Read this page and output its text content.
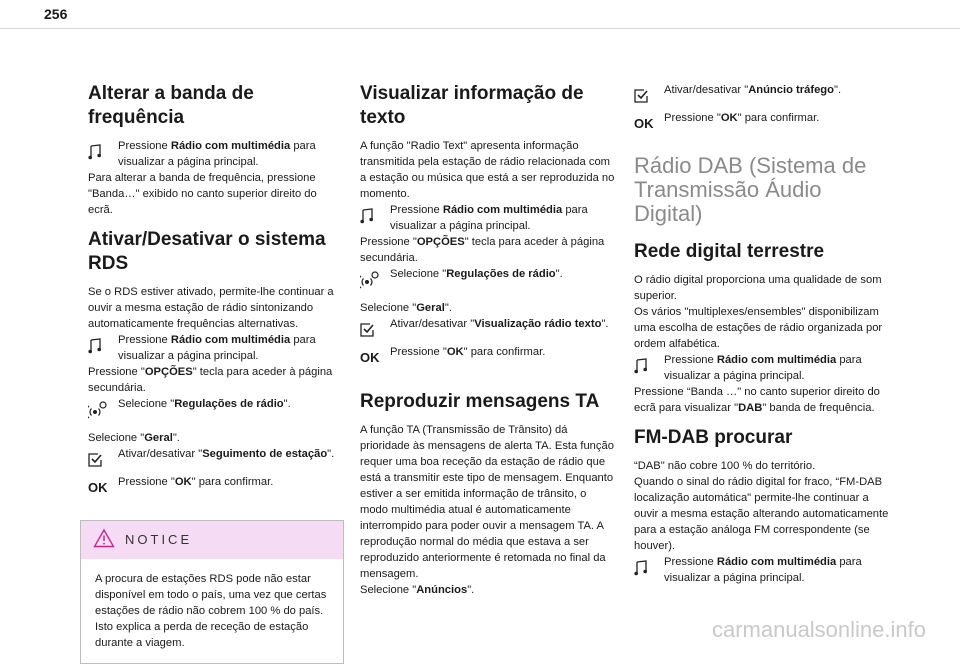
256
Alterar a banda de frequência

Pressione Rádio com multimédia para visualizar a página principal.

Para alterar a banda de frequência, pressione "Banda…" exibido no canto superior direito do ecrã.

Ativar/Desativar o sistema RDS

Se o RDS estiver ativado, permite-lhe continuar a ouvir a mesma estação de rádio sintonizando automaticamente frequências alternativas.

Pressione Rádio com multimédia para visualizar a página principal.

Pressione "OPÇÕES" tecla para aceder à página secundária.

Selecione "Regulações de rádio".

Selecione "Geral".

Ativar/desativar "Seguimento de estação".

OK Pressione "OK" para confirmar.

NOTICE
A procura de estações RDS pode não estar disponível em todo o país, uma vez que certas estações de rádio não cobrem 100 % do país. Isto explica a perda de receção de estação durante a viagem.
Visualizar informação de texto

A função "Radio Text" apresenta informação transmitida pela estação de rádio relacionada com a estação ou música que está a ser reproduzida no momento.

Pressione Rádio com multimédia para visualizar a página principal.

Pressione "OPÇÕES" tecla para aceder à página secundária.

Selecione "Regulações de rádio".

Selecione "Geral".

Ativar/desativar "Visualização rádio texto".

OK Pressione "OK" para confirmar.

Reproduzir mensagens TA

A função TA (Transmissão de Trânsito) dá prioridade às mensagens de alerta TA. Esta função requer uma boa receção da estação de rádio que está a transmitir este tipo de mensagem. Enquanto estiver a ser emitida informação de trânsito, o modo multimédia atual é automaticamente interrompido para poder ouvir a mensagem TA. A reprodução normal do média que estava a ser reproduzido anteriormente é retomada no final da mensagem.

Selecione "Anúncios".

Ativar/desativar "Anúncio tráfego".

OK Pressione "OK" para confirmar.

Rádio DAB (Sistema de Transmissão Áudio Digital)
Rede digital terrestre

O rádio digital proporciona uma qualidade de som superior.
Os vários "multiplexes/ensembles" disponibilizam uma escolha de estações de rádio organizada por ordem alfabética.

Pressione Rádio com multimédia para visualizar a página principal.

Pressione “Banda …" no canto superior direito do ecrã para visualizar "DAB" banda de frequência.

FM-DAB procurar

“DAB" não cobre 100 % do território.
Quando o sinal do rádio digital for fraco, “FM-DAB localização automática" permite-lhe continuar a ouvir a mesma estação alterando automaticamente para a estação análoga FM correspondente (se houver).

Pressione Rádio com multimédia para visualizar a página principal.

carmanualsonline.info
